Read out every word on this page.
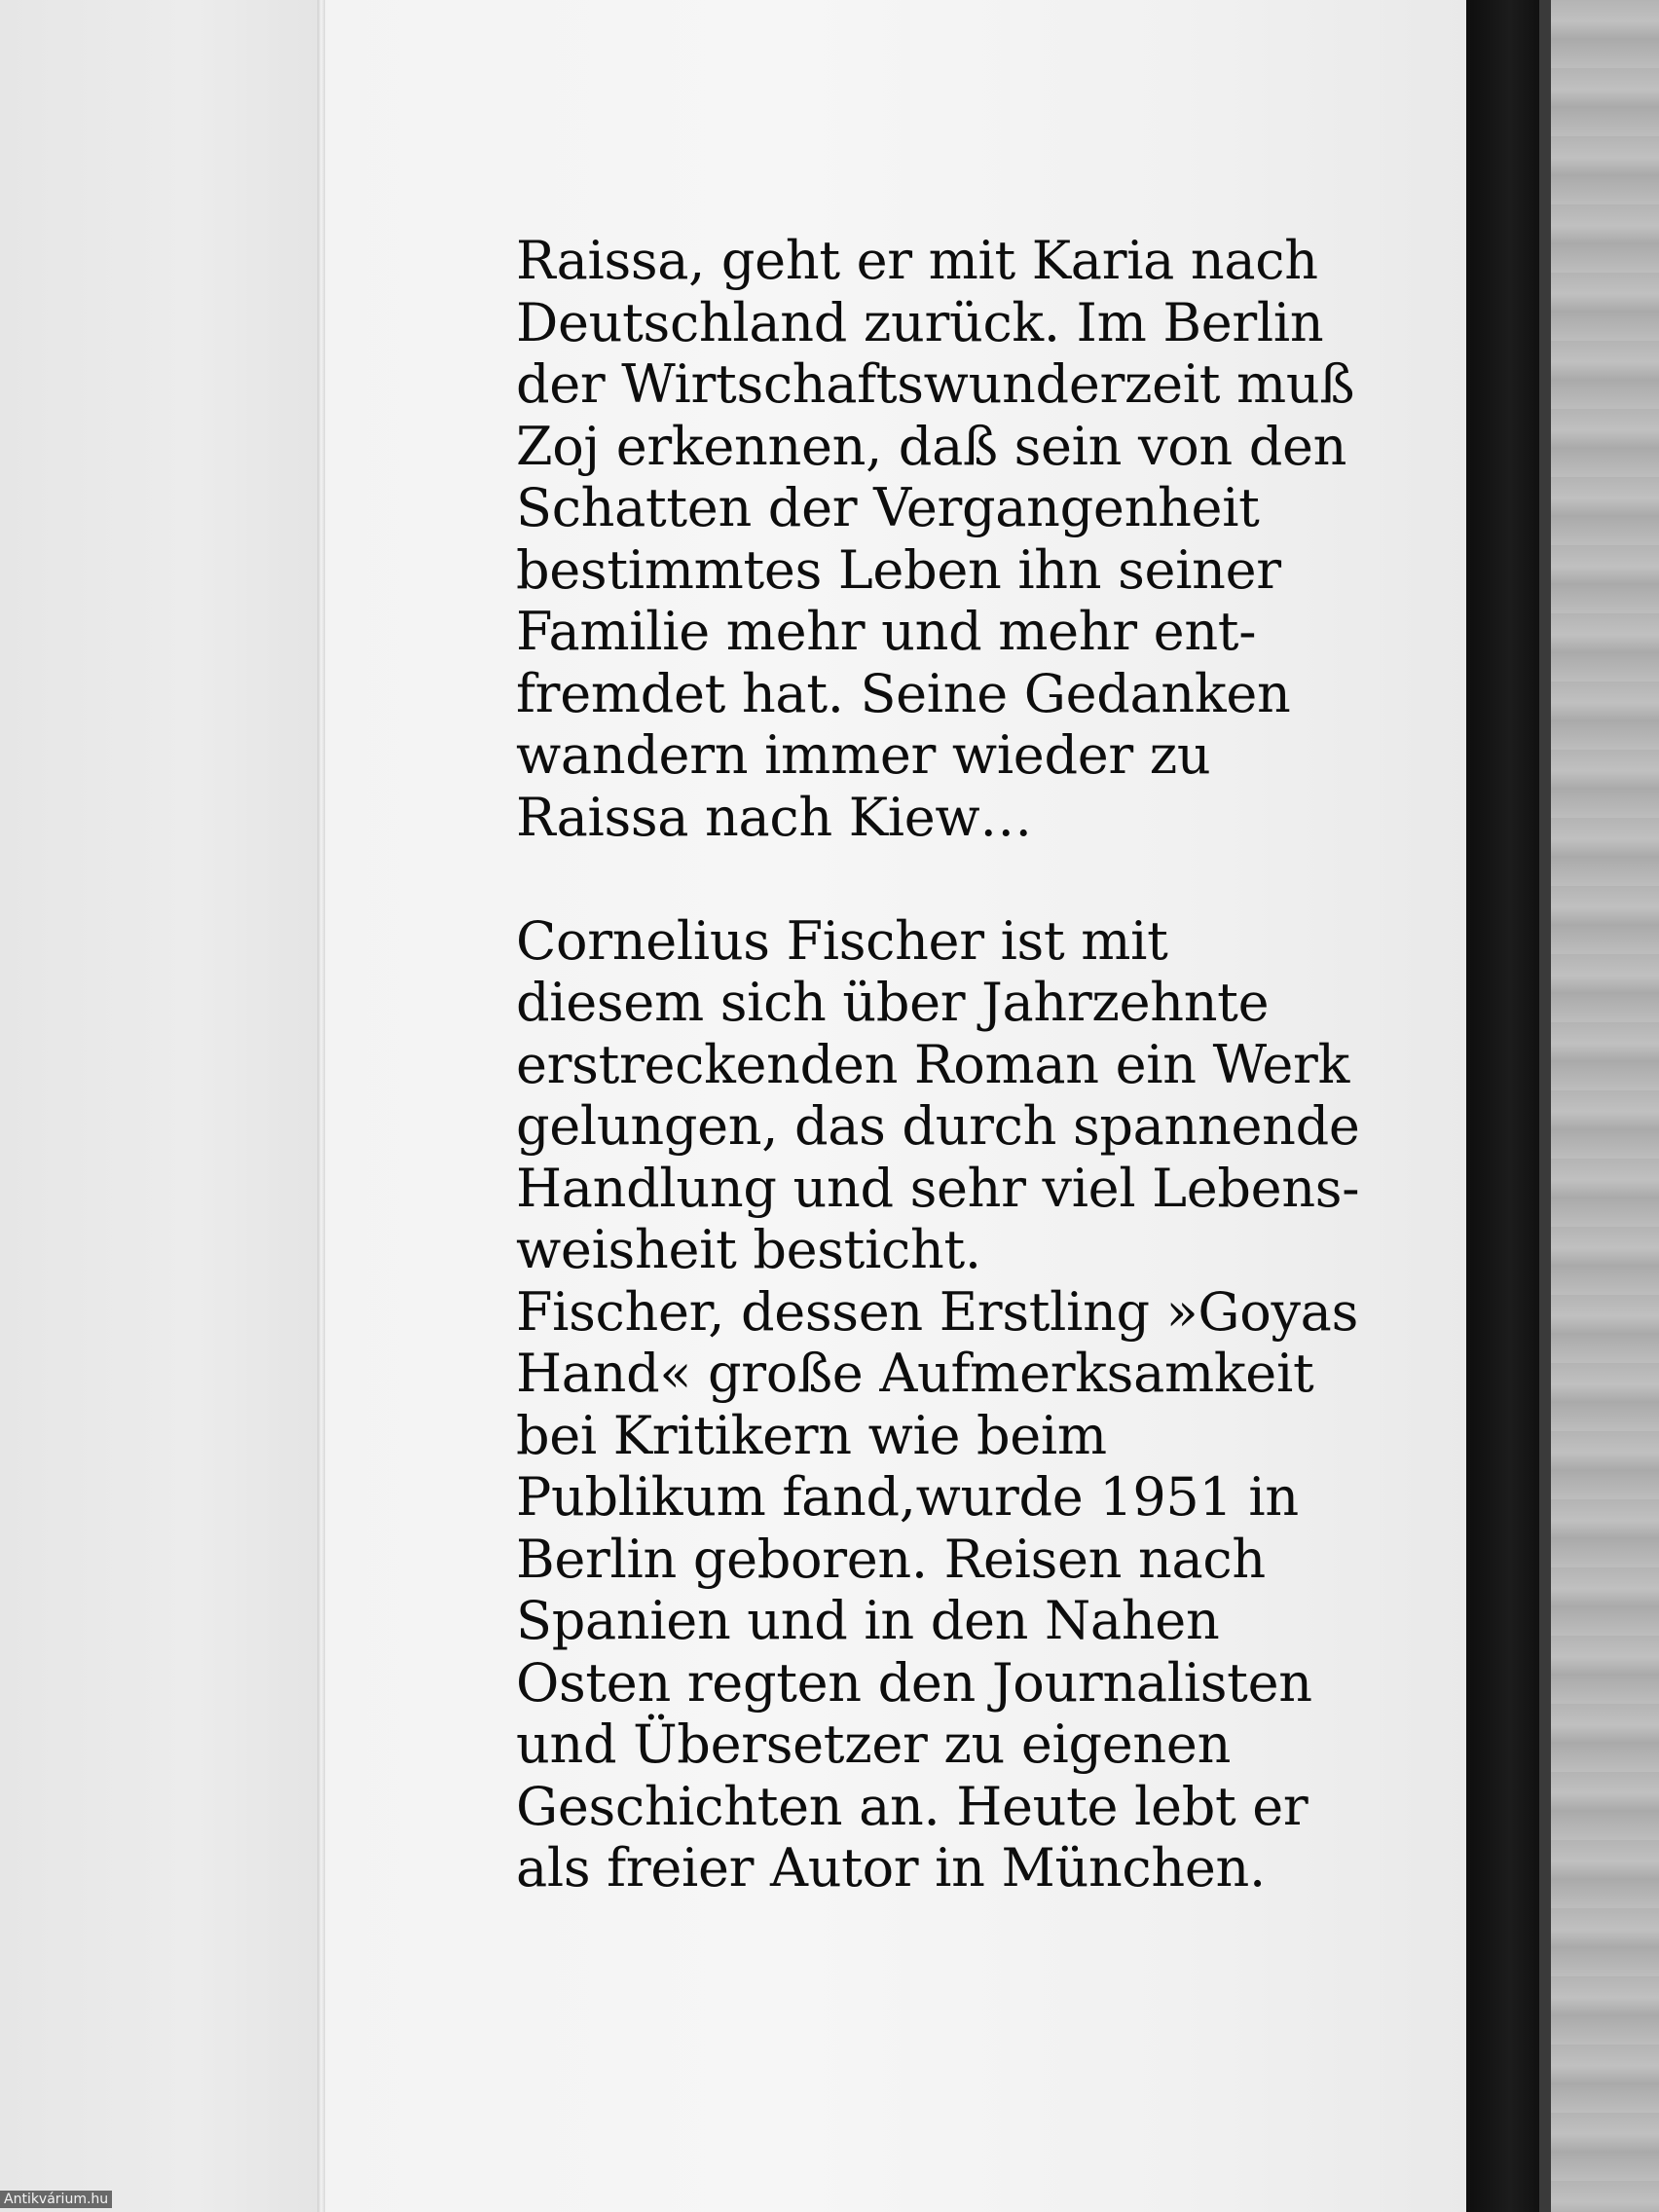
Raissa, geht er mit Karia nach
Deutschland zurück. Im Berlin
der Wirtschaftswunderzeit muß
Zoj erkennen, daß sein von den
Schatten der Vergangenheit
bestimmtes Leben ihn seiner
Familie mehr und mehr ent-
fremdet hat. Seine Gedanken
wandern immer wieder zu
Raissa nach Kiew…
Cornelius Fischer ist mit
diesem sich über Jahrzehnte
erstreckenden Roman ein Werk
gelungen, das durch spannende
Handlung und sehr viel Lebens-
weisheit besticht.
Fischer, dessen Erstling »Goyas
Hand« große Aufmerksamkeit
bei Kritikern wie beim
Publikum fand,wurde 1951 in
Berlin geboren. Reisen nach
Spanien und in den Nahen
Osten regten den Journalisten
und Übersetzer zu eigenen
Geschichten an. Heute lebt er
als freier Autor in München.
Antikvárium.hu
